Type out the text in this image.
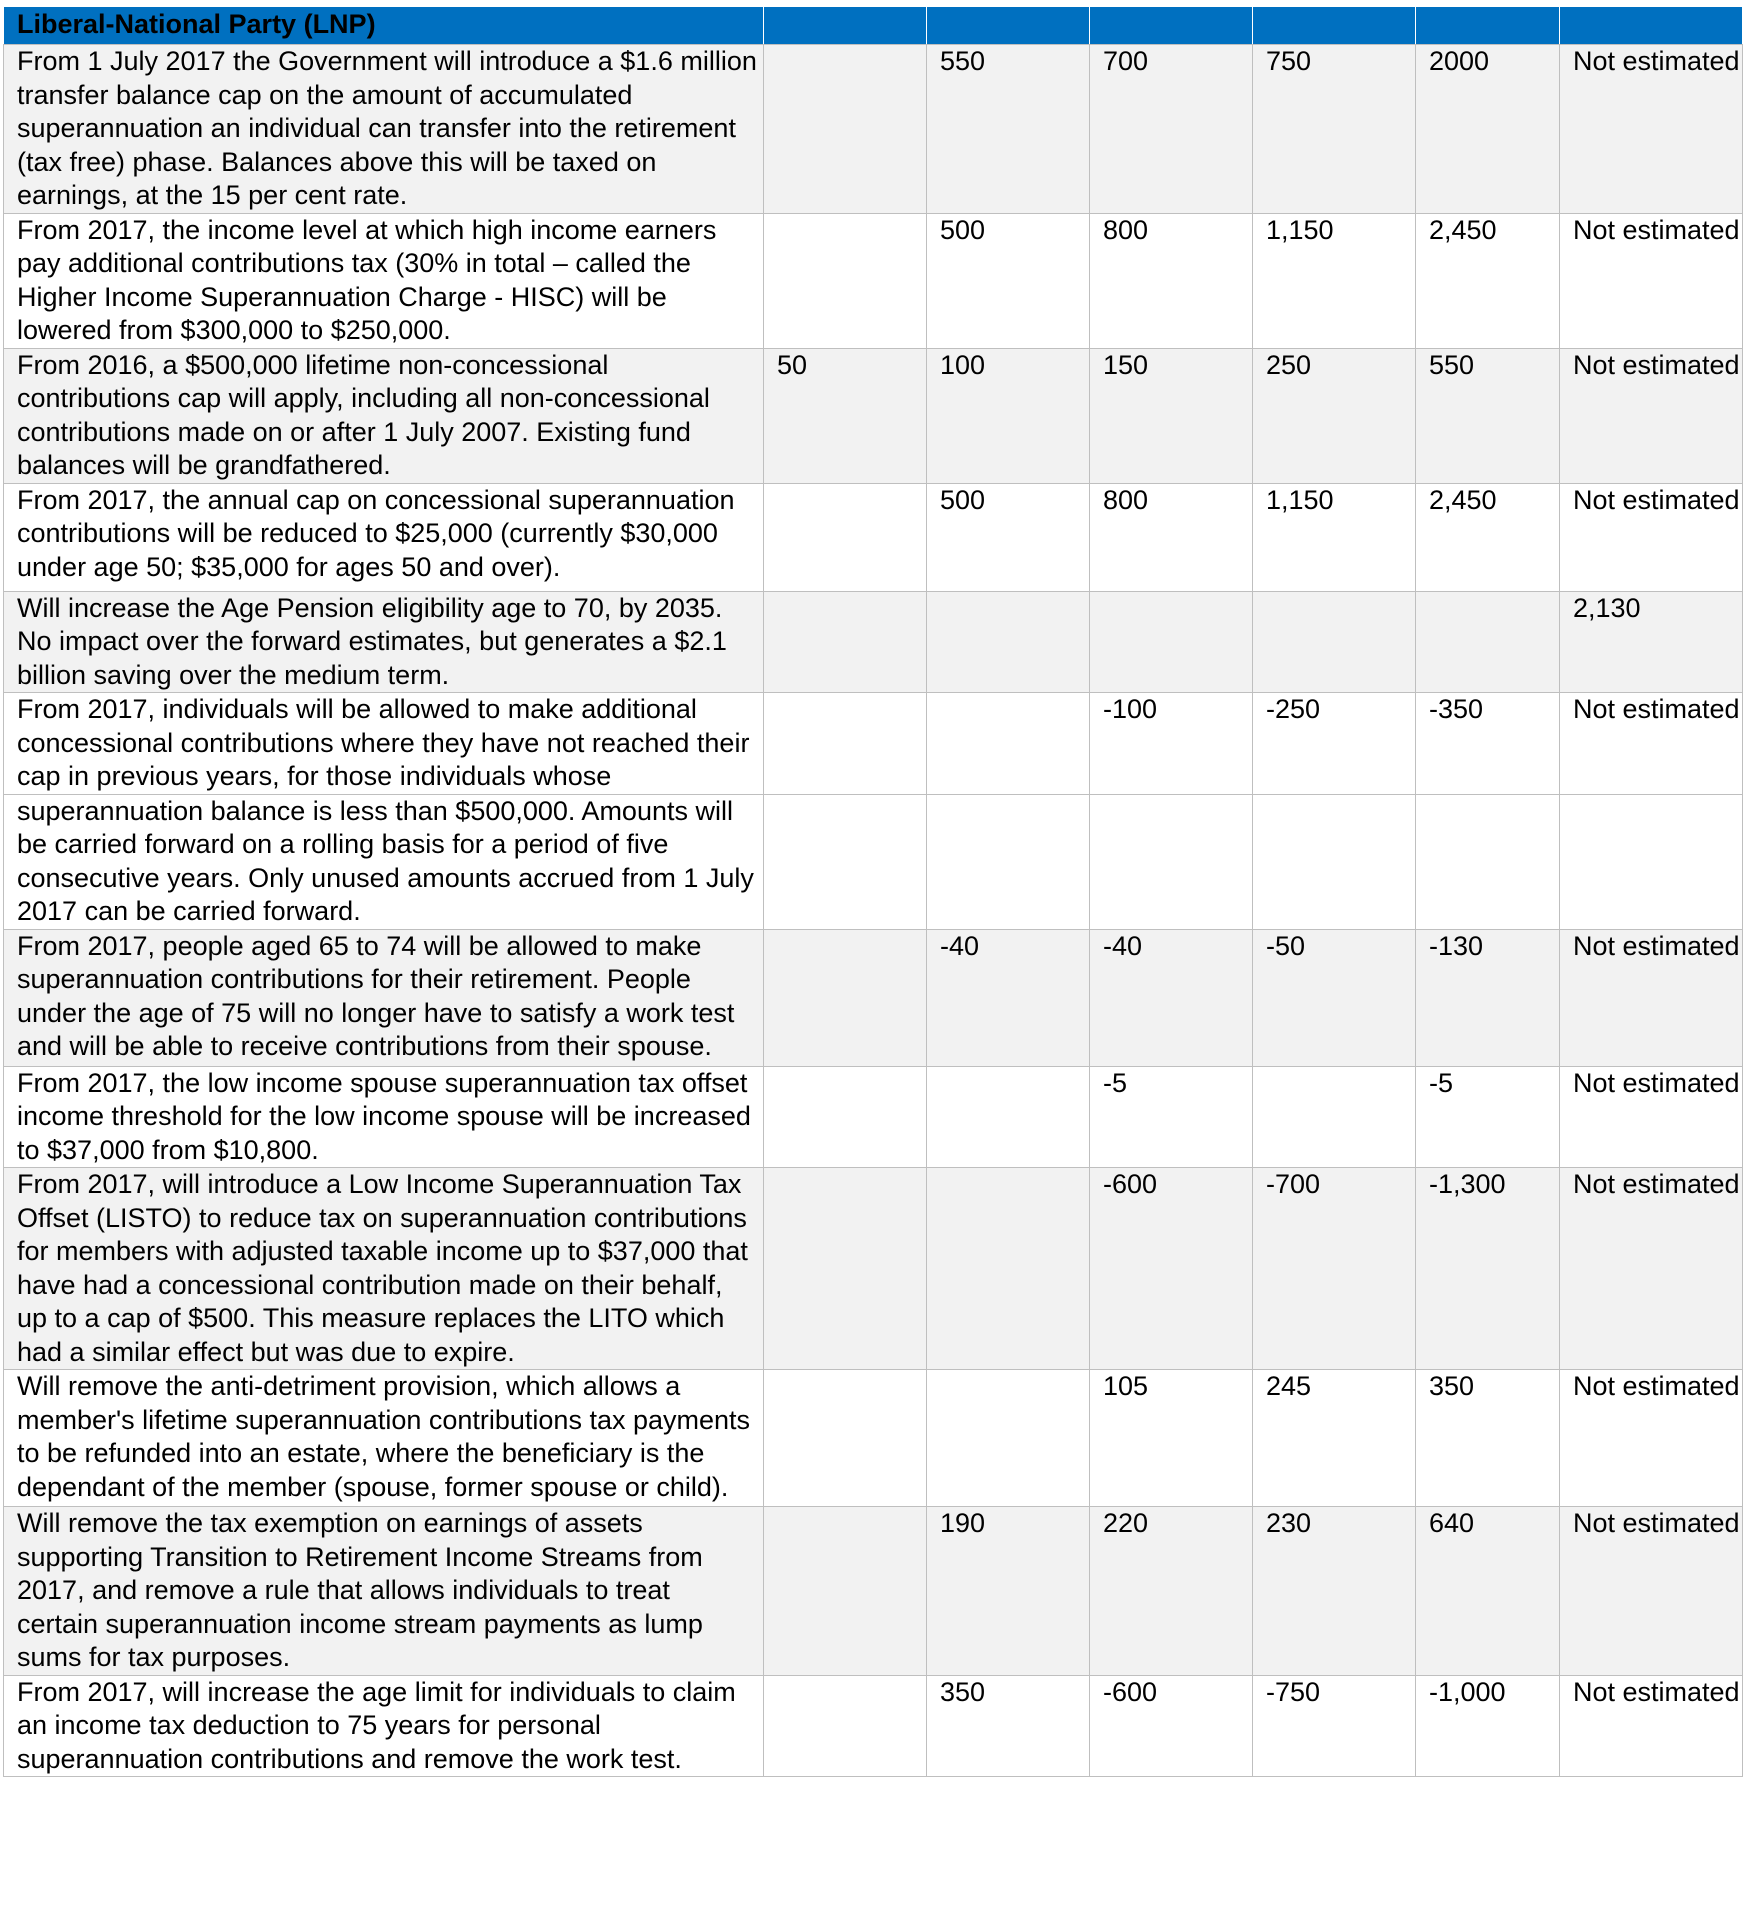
Liberal-National Party (LNP)						
From 1 July 2017 the Government will introduce a $1.6 million transfer balance cap on the amount of accumulated superannuation an individual can transfer into the retirement (tax free) phase. Balances above this will be taxed on earnings, at the 15 per cent rate.		550	700	750	2000	Not estimated
From 2017, the income level at which high income earners pay additional contributions tax (30% in total – called the Higher Income Superannuation Charge - HISC) will be lowered from $300,000 to $250,000.		500	800	1,150	2,450	Not estimated
From 2016, a $500,000 lifetime non-concessional contributions cap will apply, including all non-concessional contributions made on or after 1 July 2007. Existing fund balances will be grandfathered.	50	100	150	250	550	Not estimated
From 2017, the annual cap on concessional superannuation contributions will be reduced to $25,000 (currently $30,000 under age 50; $35,000 for ages 50 and over).		500	800	1,150	2,450	Not estimated
Will increase the Age Pension eligibility age to 70, by 2035. No impact over the forward estimates, but generates a $2.1 billion saving over the medium term.						2,130
From 2017, individuals will be allowed to make additional concessional contributions where they have not reached their cap in previous years, for those individuals whose			-100	-250	-350	Not estimated
superannuation balance is less than $500,000. Amounts will be carried forward on a rolling basis for a period of five consecutive years. Only unused amounts accrued from 1 July 2017 can be carried forward.						
From 2017, people aged 65 to 74 will be allowed to make superannuation contributions for their retirement. People under the age of 75 will no longer have to satisfy a work test and will be able to receive contributions from their spouse.		-40	-40	-50	-130	Not estimated
From 2017, the low income spouse superannuation tax offset income threshold for the low income spouse will be increased to $37,000 from $10,800.			-5		-5	Not estimated
From 2017, will introduce a Low Income Superannuation Tax Offset (LISTO) to reduce tax on superannuation contributions for members with adjusted taxable income up to $37,000 that have had a concessional contribution made on their behalf, up to a cap of $500. This measure replaces the LITO which had a similar effect but was due to expire.			-600	-700	-1,300	Not estimated
Will remove the anti-detriment provision, which allows a member's lifetime superannuation contributions tax payments to be refunded into an estate, where the beneficiary is the dependant of the member (spouse, former spouse or child).			105	245	350	Not estimated
Will remove the tax exemption on earnings of assets supporting Transition to Retirement Income Streams from 2017, and remove a rule that allows individuals to treat certain superannuation income stream payments as lump sums for tax purposes.		190	220	230	640	Not estimated
From 2017, will increase the age limit for individuals to claim an income tax deduction to 75 years for personal superannuation contributions and remove the work test.		350	-600	-750	-1,000	Not estimated
